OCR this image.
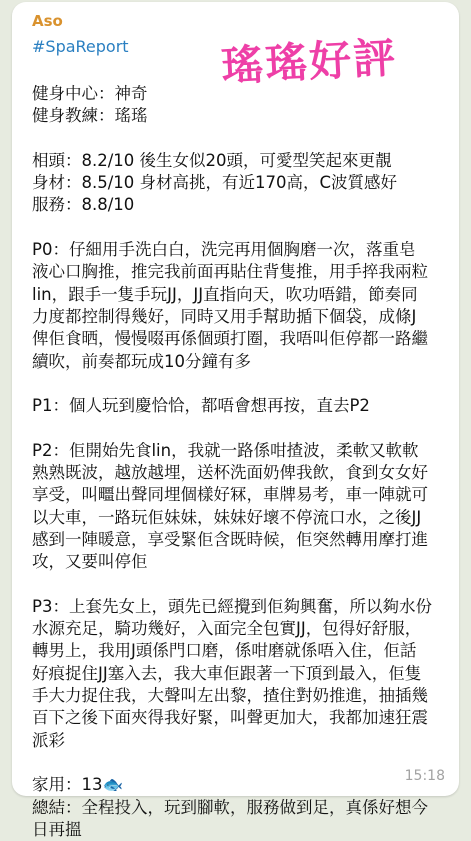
Aso
#SpaReport	瑤瑤好評
健身中心：神奇
健身教練：瑤瑤
相頭：8.2/10 後生女似20頭，可愛型笑起來更靚
身材：8.5/10 身材高挑，有近170高，C波質感好
服務：8.8/10
P0：仔細用手洗白白，洗完再用個胸磨一次，落重皂
液心口胸推，推完我前面再貼住背隻推，用手捽我兩粒
lin，跟手一隻手玩JJ，JJ直指向天，吹功唔錯，節奏同
力度都控制得幾好，同時又用手幫助揗下個袋，成條J
俾佢食晒，慢慢啜再係個頭打圈，我唔叫佢停都一路繼
續吹，前奏都玩成10分鐘有多
P1：個人玩到慶恰恰，都唔會想再按，直去P2
P2：佢開始先食lin，我就一路係咁揸波，柔軟又軟軟
熟熟既波，越放越埋，送杯洗面奶俾我飲，食到女女好
享受，叫疅出聲同埋個樣好冧，車牌易考，車一陣就可
以大車，一路玩佢妹妹，妹妹好壞不停流口水，之後JJ
感到一陣暖意，享受緊佢含既時候，佢突然轉用摩打進
攻，又要叫停佢
P3：上套先女上，頭先已經攪到佢夠興奮，所以夠水份
水源充足，騎功幾好，入面完全包實JJ，包得好舒服，
轉男上，我用J頭係門口磨，係咁磨就係唔入住，佢話
好痕捉住JJ塞入去，我大車佢跟著一下頂到最入，佢隻
手大力捉住我，大聲叫左出黎，揸住對奶推進，抽插幾
百下之後下面夾得我好緊，叫聲更加大，我都加速狂震
派彩
家用：13🐟
總結：全程投入，玩到腳軟，服務做到足，真係好想今
日再搵
15:18
